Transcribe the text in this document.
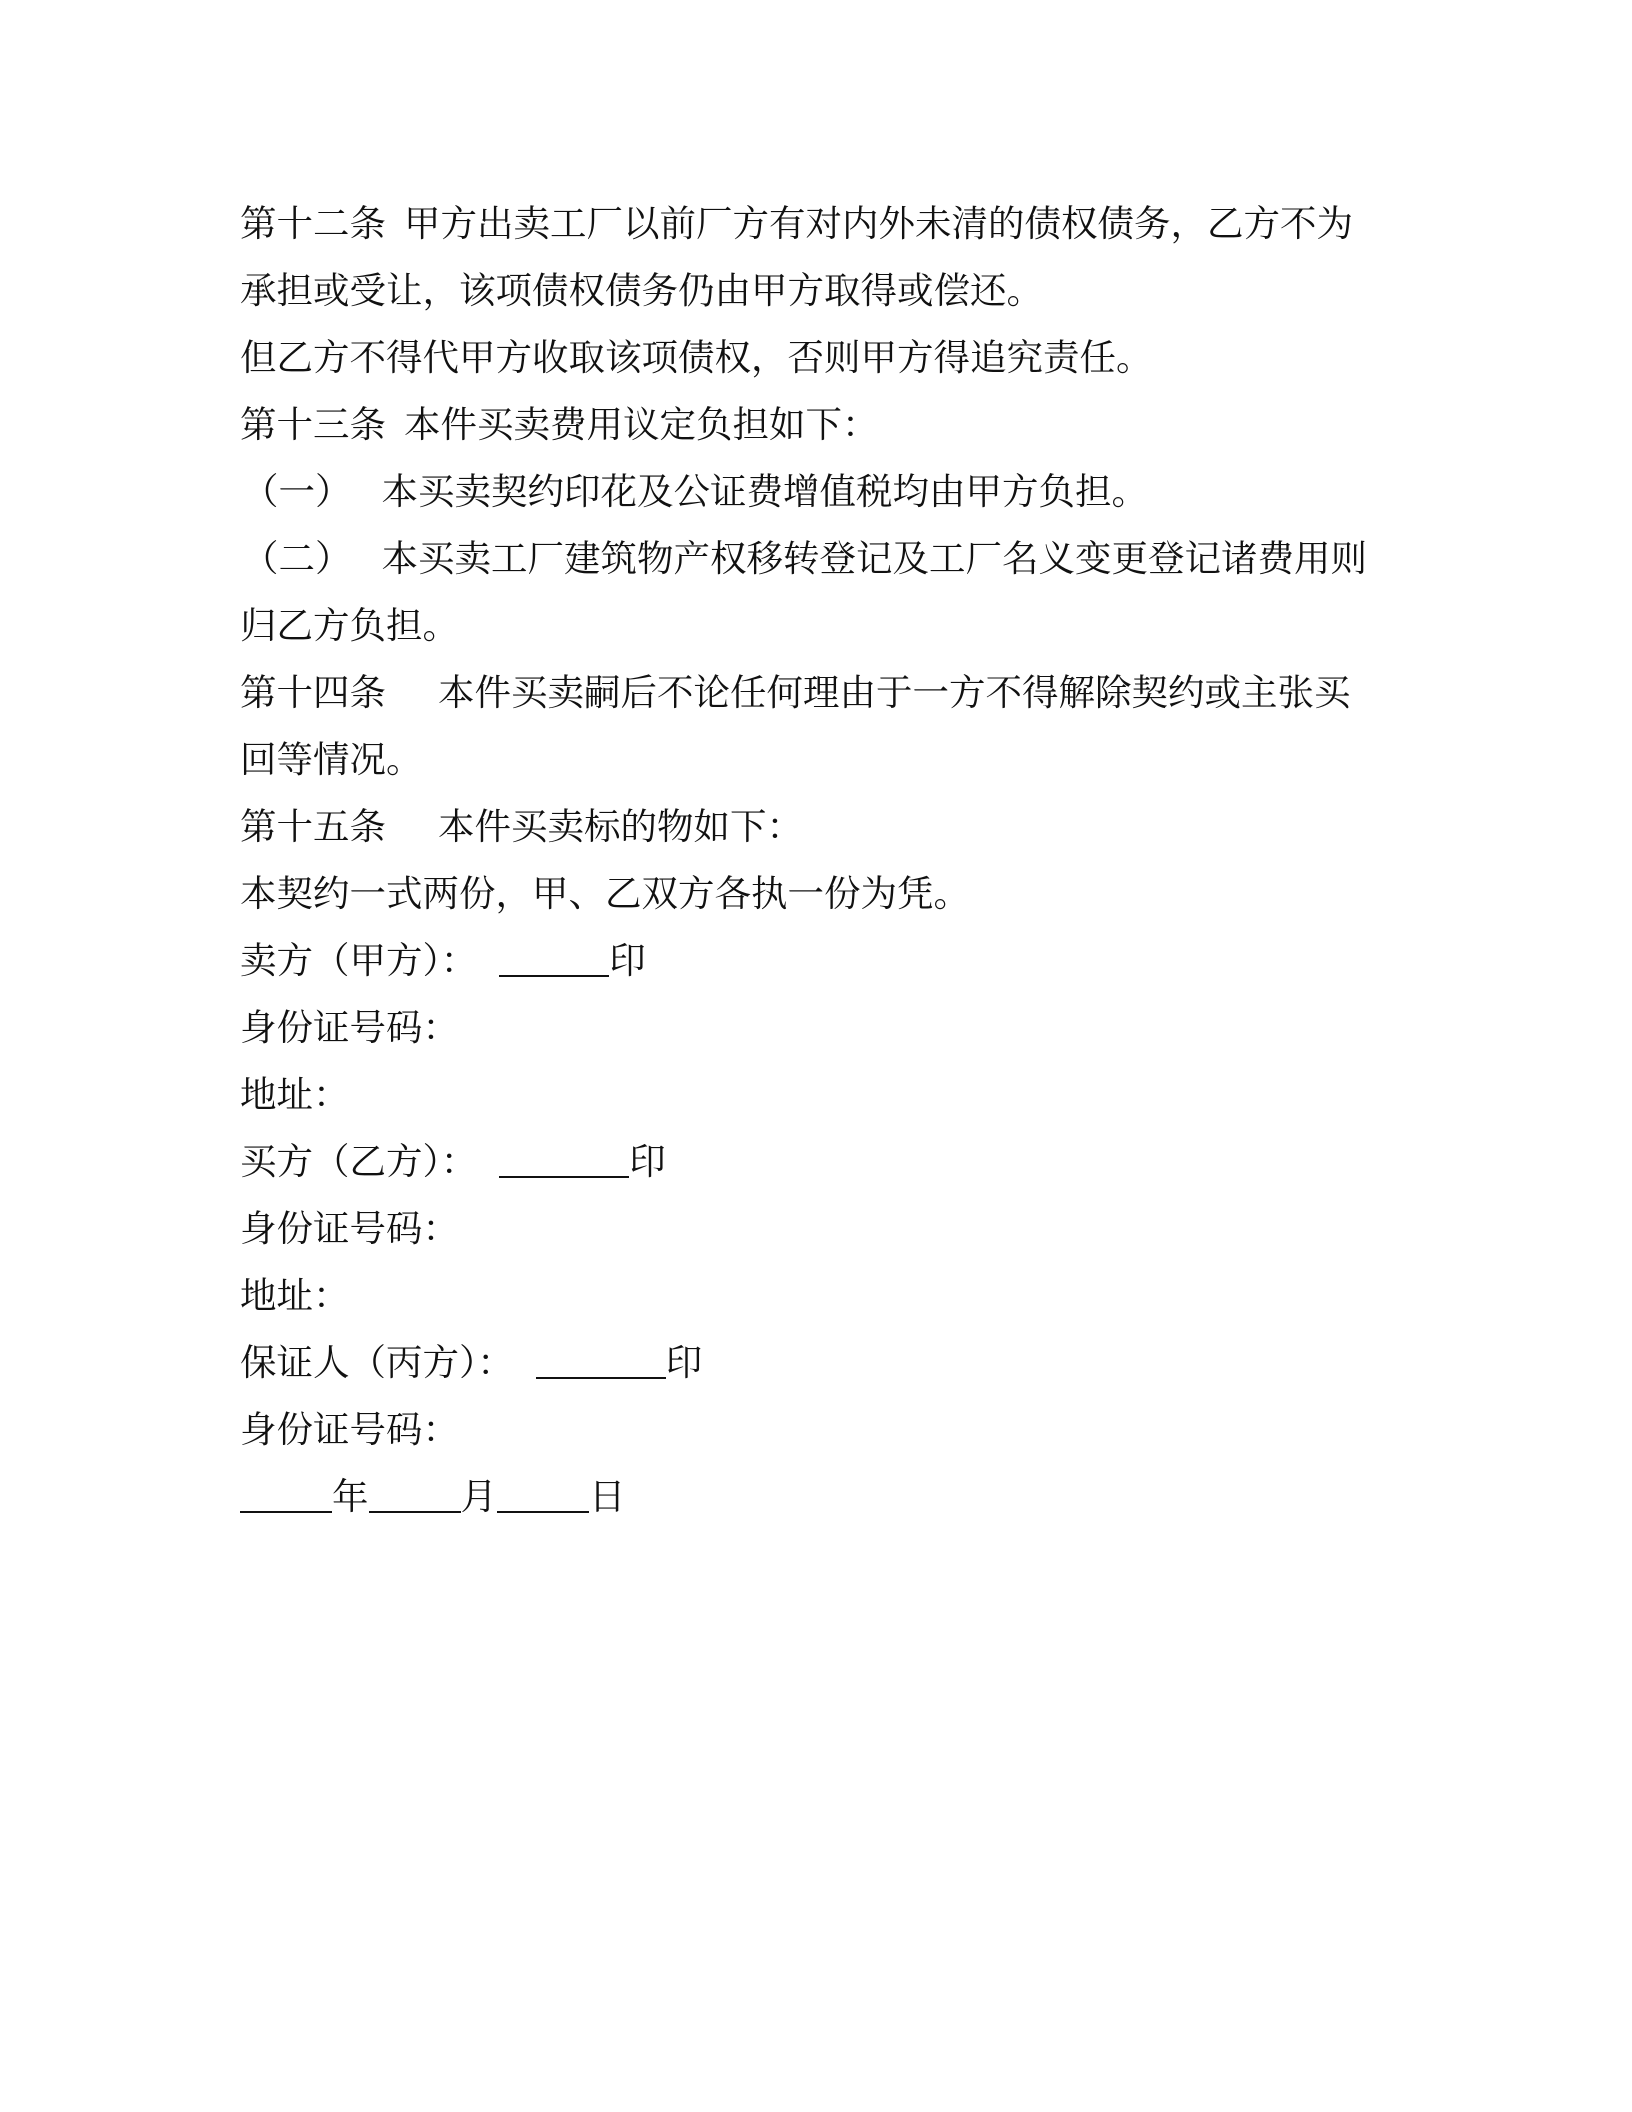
第十二条 甲方出卖工厂以前厂方有对内外未清的债权债务，乙方不为
承担或受让，该项债权债务仍由甲方取得或偿还。
但乙方不得代甲方收取该项债权，否则甲方得追究责任。
第十三条 本件买卖费用议定负担如下：
（一） 本买卖契约印花及公证费增值税均由甲方负担。
（二） 本买卖工厂建筑物产权移转登记及工厂名义变更登记诸费用则
归乙方负担。
第十四条 本件买卖嗣后不论任何理由于一方不得解除契约或主张买
回等情况。
第十五条 本件买卖标的物如下：
本契约一式两份，甲、乙双方各执一份为凭。
卖方（甲方）：	印
身份证号码：
地址：
买方（乙方）：	印
身份证号码：
地址：
保证人（丙方）：	印
身份证号码：
年	月	日
